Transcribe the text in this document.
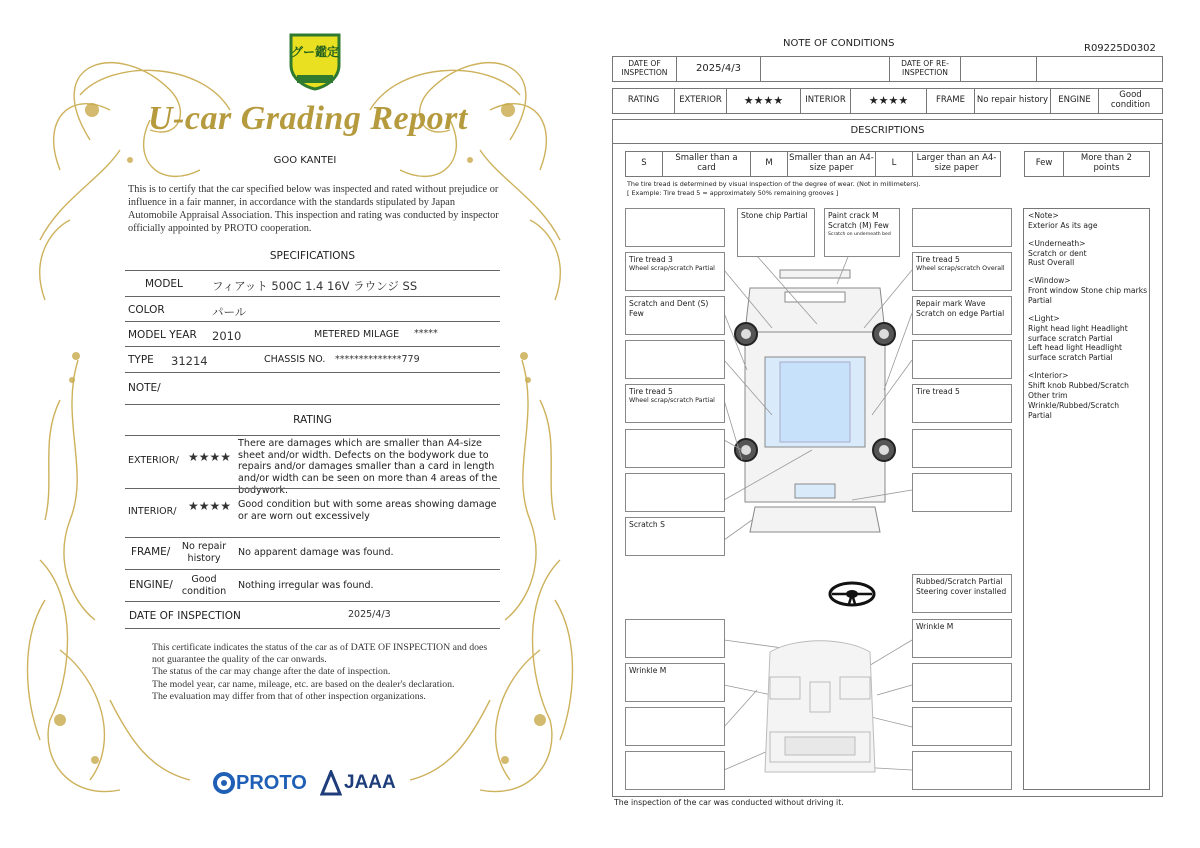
グー鑑定
U-car Grading Report
GOO KANTEI
This is to certify that the car specified below was inspected and rated without prejudice or influence in a fair manner, in accordance with the standards stipulated by Japan Automobile Appraisal Association. This inspection and rating was conducted by inspector officially appointed by PROTO cooperation.
SPECIFICATIONS
MODEL	フィアット 500C 1.4 16V ラウンジ SS
COLOR	パール
MODEL YEAR 2010	METERED MILAGE *****
TYPE 31214	CHASSIS NO. **************779
NOTE/
RATING
EXTERIOR/ ★★★★
There are damages which are smaller than A4-size sheet and/or width. Defects on the bodywork due to repairs and/or damages smaller than a card in length and/or width can be seen on more than 4 areas of the bodywork.
INTERIOR/ ★★★★ Good condition but with some areas showing damage or are worn out excessively
FRAME/	No repair history	No apparent damage was found.
ENGINE/	Good condition	Nothing irregular was found.
DATE OF INSPECTION	2025/4/3
This certificate indicates the status of the car as of DATE OF INSPECTION and does not guarantee the quality of the car onwards.
The status of the car may change after the date of inspection.
The model year, car name, mileage, etc. are based on the dealer's declaration.
The evaluation may differ from that of other inspection organizations.
PROTO JAAA
NOTE OF CONDITIONS	R09225D0302
DATE OF INSPECTION	2025/4/3	DATE OF RE-INSPECTION
RATING	EXTERIOR	★★★★	INTERIOR	★★★★	FRAME	No repair history	ENGINE	Good condition
DESCRIPTIONS
S	Smaller than a card	M	Smaller than an A4-size paper	L	Larger than an A4-size paper	Few	More than 2 points
The tire tread is determined by visual inspection of the degree of wear. (Not in millimeters).
[ Example: Tire tread 5 = approximately 50% remaining grooves ]
Tire tread 3
Wheel scrap/scratch Partial
Scratch and Dent (S) Few
Tire tread 5
Wheel scrap/scratch Partial
Scratch S
Stone chip Partial	Paint crack M
Scratch (M) Few
Scratch on underneath bed
Tire tread 5
Wheel scrap/scratch Overall
Repair mark Wave
Scratch on edge Partial
Tire tread 5
Rubbed/Scratch Partial
Steering cover installed
Wrinkle M
Wrinkle M

<Note>
Exterior As its age

<Underneath>
Scratch or dent
Rust Overall

<Window>
Front window Stone chip marks Partial

<Light>
Right head light Headlight surface scratch Partial
Left head light Headlight surface scratch Partial

<Interior>
Shift knob Rubbed/Scratch
Other trim
Wrinkle/Rubbed/Scratch
Partial

The inspection of the car was conducted without driving it.
